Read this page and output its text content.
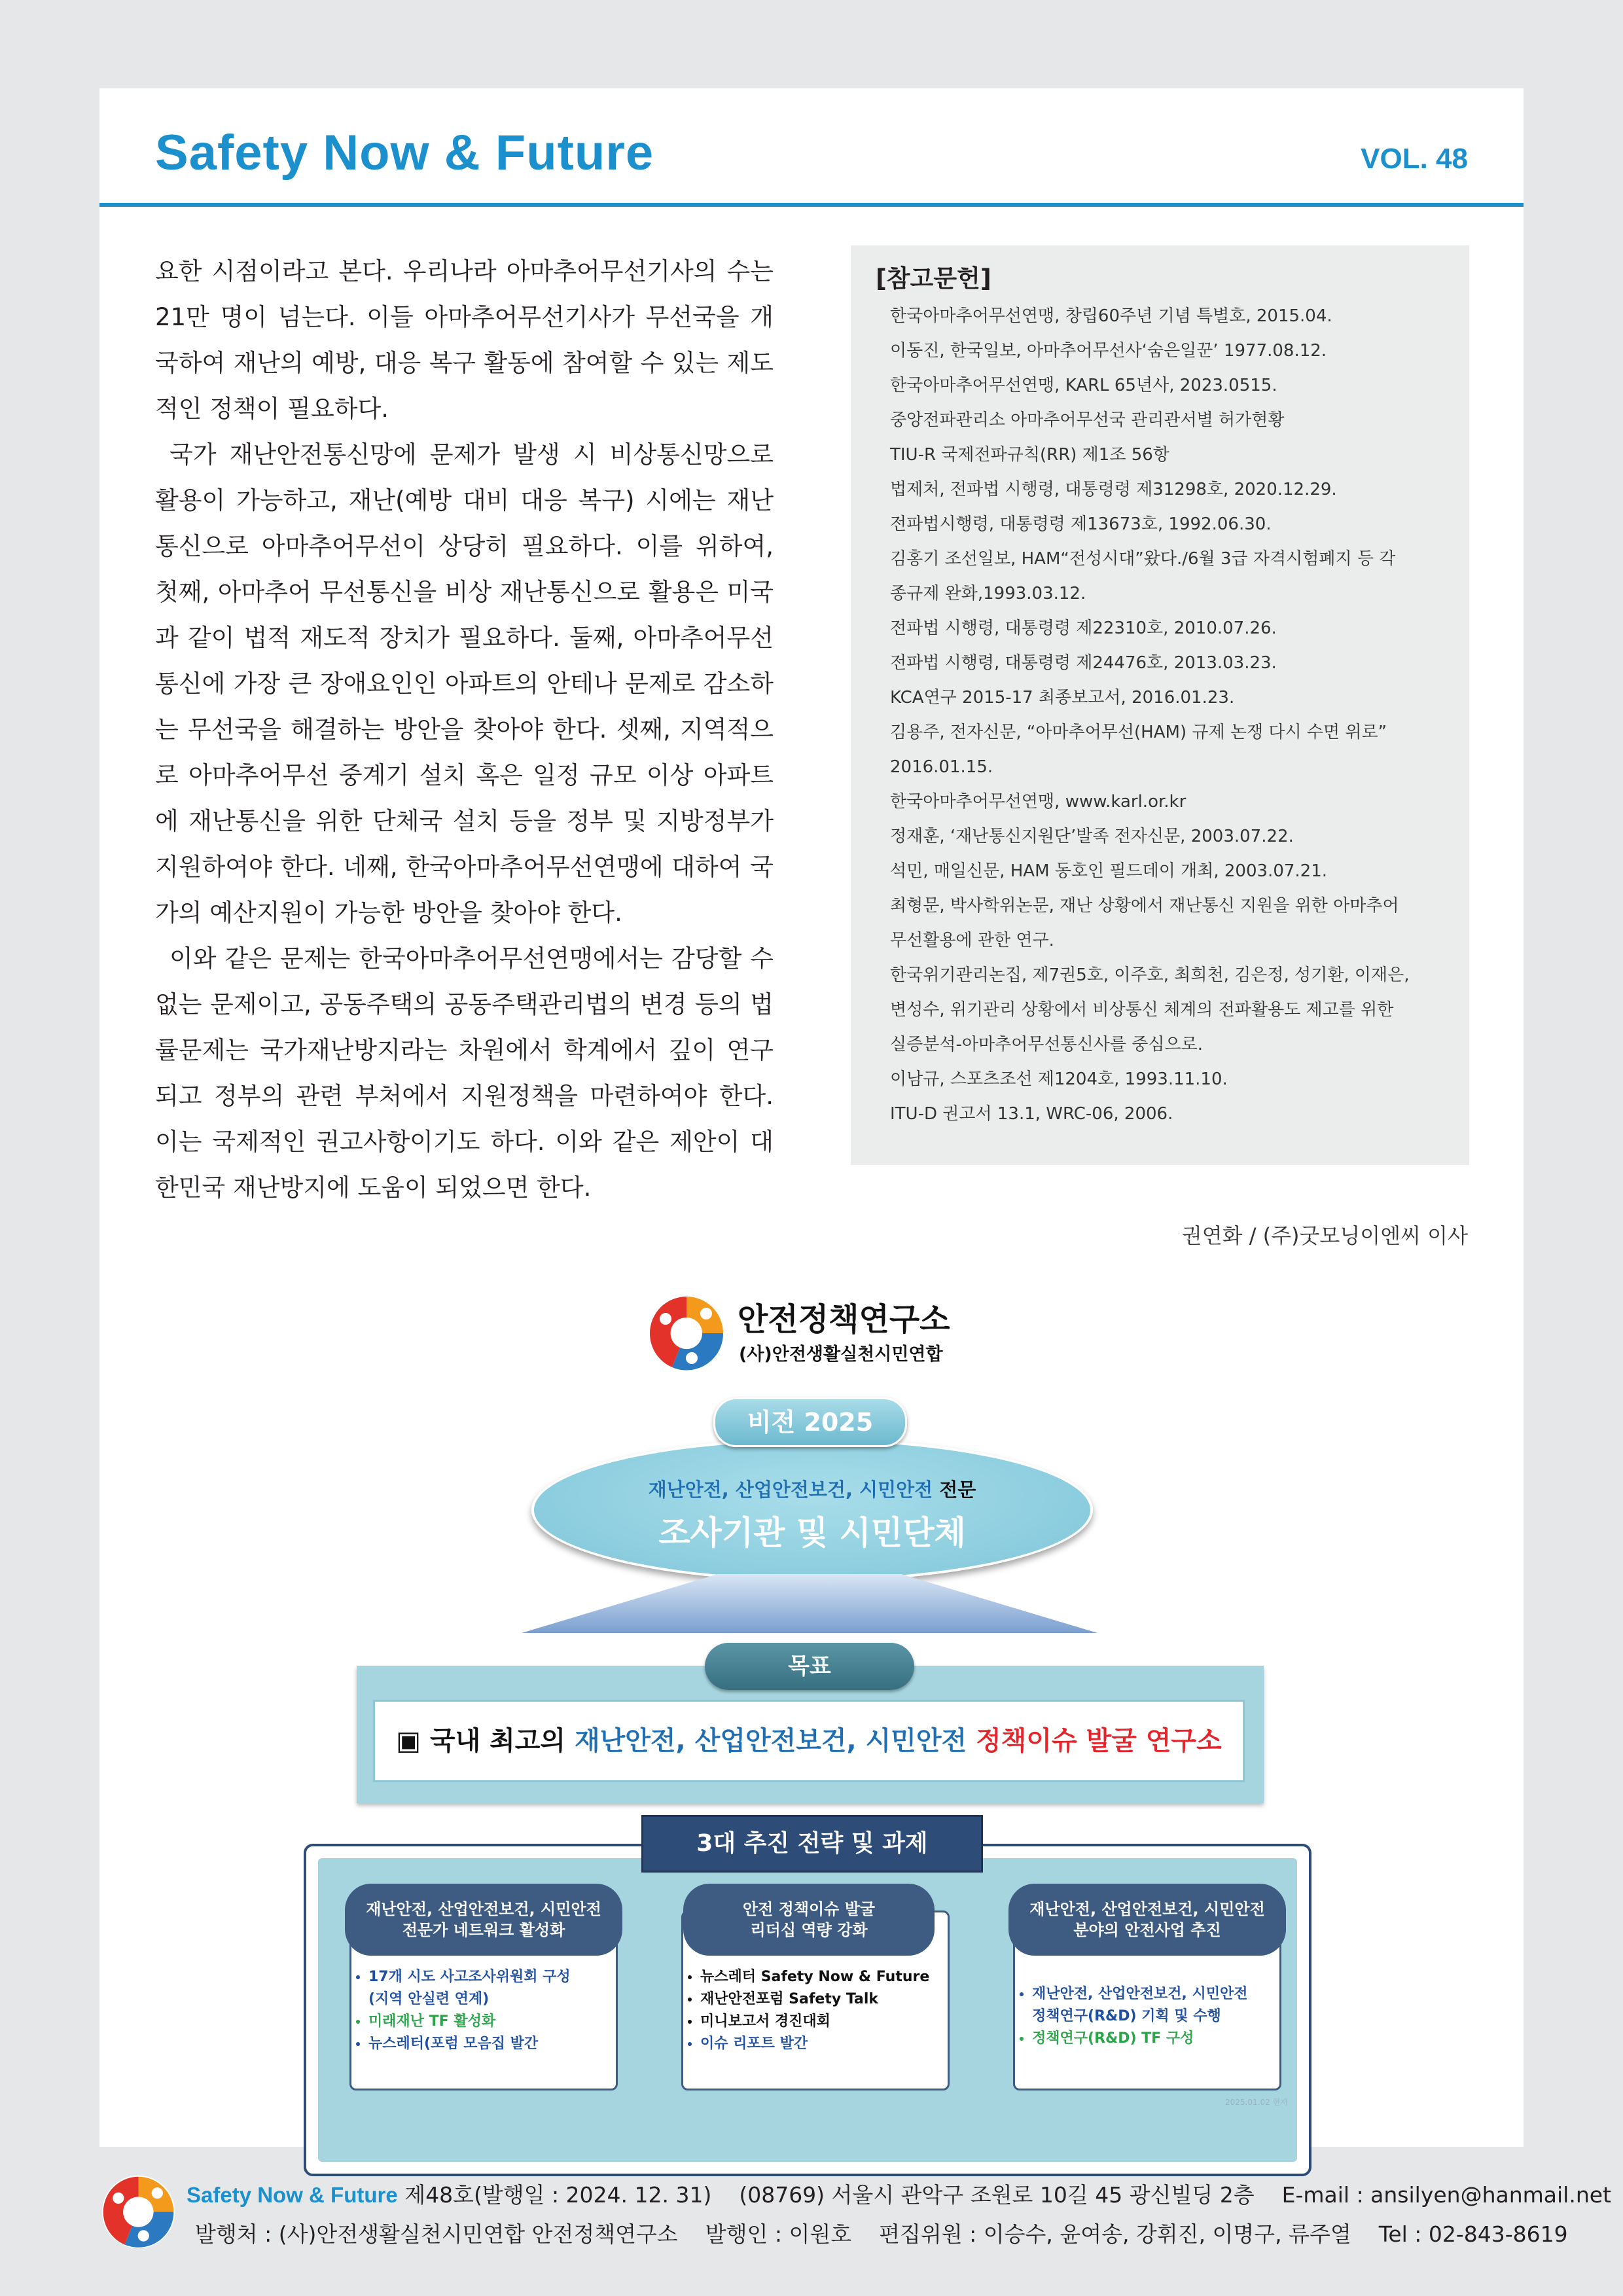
Safety Now & Future	VOL. 48

요한 시점이라고 본다. 우리나라 아마추어무선기사의 수는 21만 명이 넘는다. 이들 아마추어무선기사가 무선국을 개국하여 재난의 예방, 대응 복구 활동에 참여할 수 있는 제도적인 정책이 필요하다.

국가 재난안전통신망에 문제가 발생 시 비상통신망으로 활용이 가능하고, 재난(예방 대비 대응 복구) 시에는 재난통신으로 아마추어무선이 상당히 필요하다. 이를 위하여, 첫째, 아마추어 무선통신을 비상 재난통신으로 활용은 미국과 같이 법적 재도적 장치가 필요하다. 둘째, 아마추어무선 통신에 가장 큰 장애요인인 아파트의 안테나 문제로 감소하는 무선국을 해결하는 방안을 찾아야 한다. 셋째, 지역적으로 아마추어무선 중계기 설치 혹은 일정 규모 이상 아파트에 재난통신을 위한 단체국 설치 등을 정부 및 지방정부가 지원하여야 한다. 네째, 한국아마추어무선연맹에 대하여 국가의 예산지원이 가능한 방안을 찾아야 한다.

이와 같은 문제는 한국아마추어무선연맹에서는 감당할 수 없는 문제이고, 공동주택의 공동주택관리법의 변경 등의 법률문제는 국가재난방지라는 차원에서 학계에서 깊이 연구되고 정부의 관련 부처에서 지원정책을 마련하여야 한다. 이는 국제적인 권고사항이기도 하다. 이와 같은 제안이 대한민국 재난방지에 도움이 되었으면 한다.

[참고문헌]
한국아마추어무선연맹, 창립60주년 기념 특별호, 2015.04.
이동진, 한국일보, 아마추어무선사‘숨은일꾼’ 1977.08.12.
한국아마추어무선연맹, KARL 65년사, 2023.0515.
중앙전파관리소 아마추어무선국 관리관서별 허가현황
TIU-R 국제전파규칙(RR) 제1조 56항
법제처, 전파법 시행령, 대통령령 제31298호, 2020.12.29.
전파법시행령, 대통령령 제13673호, 1992.06.30.
김홍기 조선일보, HAM“전성시대”왔다./6월 3급 자격시험폐지 등 각
종규제 완화,1993.03.12.
전파법 시행령, 대통령령 제22310호, 2010.07.26.
전파법 시행령, 대통령령 제24476호, 2013.03.23.
KCA연구 2015-17 최종보고서, 2016.01.23.
김용주, 전자신문, “아마추어무선(HAM) 규제 논쟁 다시 수면 위로”
2016.01.15.
한국아마추어무선연맹, www.karl.or.kr
정재훈, ‘재난통신지원단’발족 전자신문, 2003.07.22.
석민, 매일신문, HAM 동호인 필드데이 개최, 2003.07.21.
최형문, 박사학위논문, 재난 상황에서 재난통신 지원을 위한 아마추어
무선활용에 관한 연구.
한국위기관리논집, 제7권5호, 이주호, 최희천, 김은정, 성기환, 이재은,
변성수, 위기관리 상황에서 비상통신 체계의 전파활용도 제고를 위한
실증분석-아마추어무선통신사를 중심으로.
이남규, 스포츠조선 제1204호, 1993.11.10.
ITU-D 권고서 13.1, WRC-06, 2006.
권연화 / (주)굿모닝이엔씨 이사
안전정책연구소
(사)안전생활실천시민연합
재난안전, 산업안전보건, 시민안전 전문
조사기관 및 시민단체
비전 2025
▣ 국내 최고의 재난안전, 산업안전보건, 시민안전 정책이슈 발굴 연구소
목표
재난안전, 산업안전보건, 시민안전
전문가 네트워크 활성화
• 17개 시도 사고조사위원회 구성
(지역 안실련 연계)
• 미래재난 TF 활성화
• 뉴스레터(포럼 모음집 발간
안전 정책이슈 발굴
리더십 역량 강화
• 뉴스레터 Safety Now & Future
• 재난안전포럼 Safety Talk
• 미니보고서 경진대회
• 이슈 리포트 발간
재난안전, 산업안전보건, 시민안전
분야의 안전사업 추진
• 재난안전, 산업안전보건, 시민안전
정책연구(R&D) 기획 및 수행
• 정책연구(R&D) TF 구성
3대 추진 전략 및 과제
2025.01.02 현재
Safety Now & Future 제48호(발행일 : 2024. 12. 31) (08769) 서울시 관악구 조원로 10길 45 광신빌딩 2층 E-mail : ansilyen@hanmail.net
발행처 : (사)안전생활실천시민연합 안전정책연구소 발행인 : 이원호 편집위원 : 이승수, 윤여송, 강휘진, 이명구, 류주열 Tel : 02-843-8619
